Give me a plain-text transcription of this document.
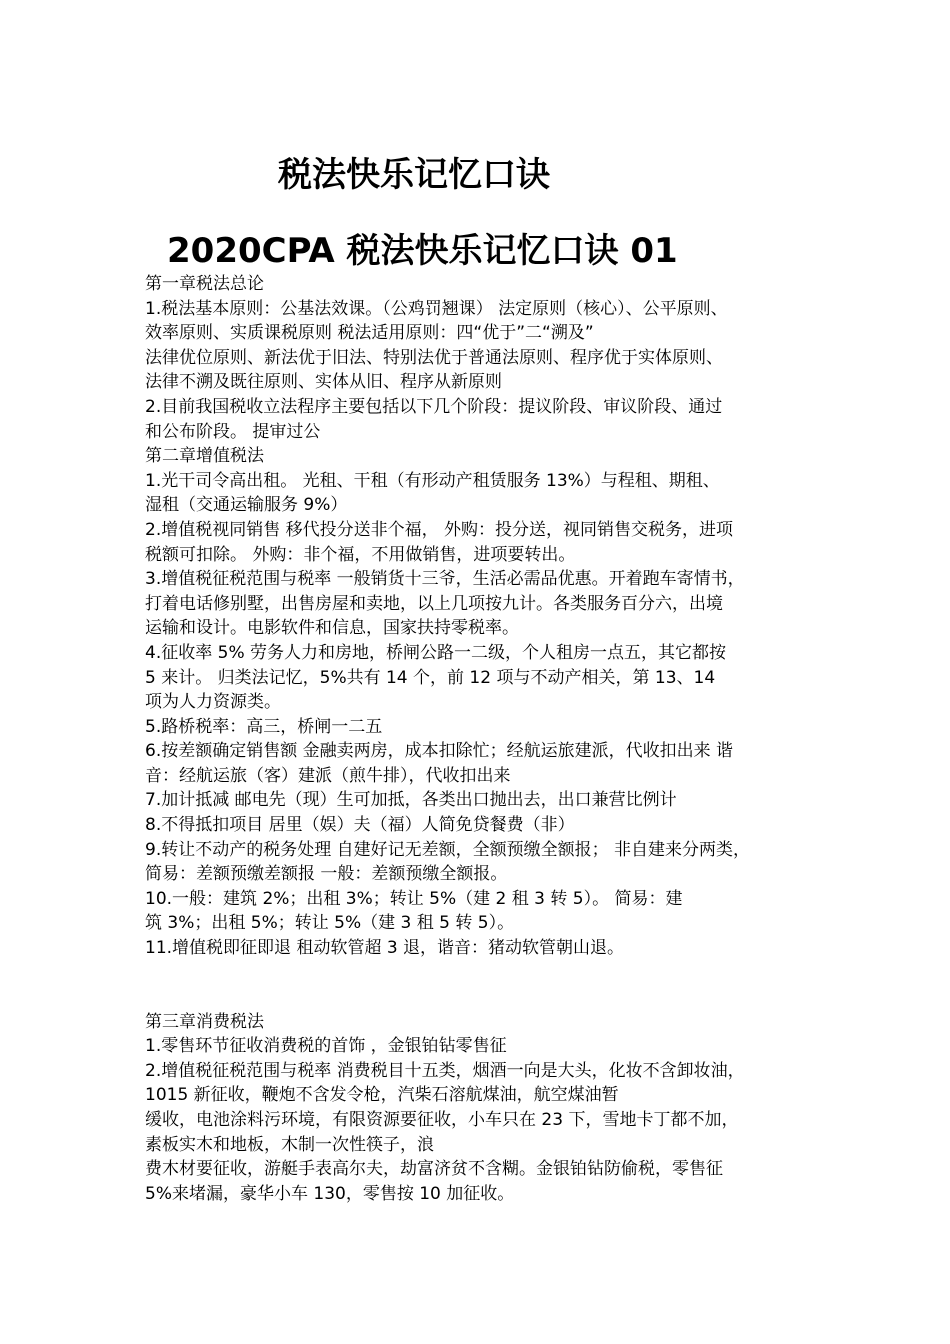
税法快乐记忆口诀
2020CPA 税法快乐记忆口诀 01
第一章税法总论
1.税法基本原则：公基法效课。（公鸡罚翘课） 法定原则（核心）、公平原则、
效率原则、实质课税原则 税法适用原则：四“优于”二“溯及”
法律优位原则、新法优于旧法、特别法优于普通法原则、程序优于实体原则、
法律不溯及既往原则、实体从旧、程序从新原则
2.目前我国税收立法程序主要包括以下几个阶段：提议阶段、审议阶段、通过
和公布阶段。 提审过公
第二章增值税法
1.光干司令高出租。 光租、干租（有形动产租赁服务 13%）与程租、期租、
湿租（交通运输服务 9%）
2.增值税视同销售 移代投分送非个福， 外购：投分送，视同销售交税务，进项
税额可扣除。 外购：非个福，不用做销售，进项要转出。
3.增值税征税范围与税率 一般销货十三爷，生活必需品优惠。开着跑车寄情书，
打着电话修别墅，出售房屋和卖地，以上几项按九计。各类服务百分六，出境
运输和设计。电影软件和信息，国家扶持零税率。
4.征收率 5% 劳务人力和房地，桥闸公路一二级，个人租房一点五，其它都按
5 来计。 归类法记忆，5%共有 14 个，前 12 项与不动产相关，第 13、14
项为人力资源类。
5.路桥税率：高三，桥闸一二五
6.按差额确定销售额 金融卖两房，成本扣除忙；经航运旅建派，代收扣出来 谐
音：经航运旅（客）建派（煎牛排），代收扣出来
7.加计抵减 邮电先（现）生可加抵，各类出口抛出去，出口兼营比例计
8.不得抵扣项目 居里（娱）夫（福）人简免贷餐费（非）
9.转让不动产的税务处理 自建好记无差额，全额预缴全额报； 非自建来分两类，
简易：差额预缴差额报 一般：差额预缴全额报。
10.一般：建筑 2%；出租 3%；转让 5%（建 2 租 3 转 5）。 简易：建
筑 3%；出租 5%；转让 5%（建 3 租 5 转 5）。
11.增值税即征即退 租动软管超 3 退，谐音：猪动软管朝山退。
第三章消费税法
1.零售环节征收消费税的首饰 ，金银铂钻零售征
2.增值税征税范围与税率 消费税目十五类，烟酒一向是大头，化妆不含卸妆油，
1015 新征收，鞭炮不含发令枪，汽柴石溶航煤油，航空煤油暂
缓收，电池涂料污环境，有限资源要征收，小车只在 23 下，雪地卡丁都不加，
素板实木和地板，木制一次性筷子，浪
费木材要征收，游艇手表高尔夫，劫富济贫不含糊。金银铂钻防偷税，零售征
5%来堵漏，豪华小车 130，零售按 10 加征收。
